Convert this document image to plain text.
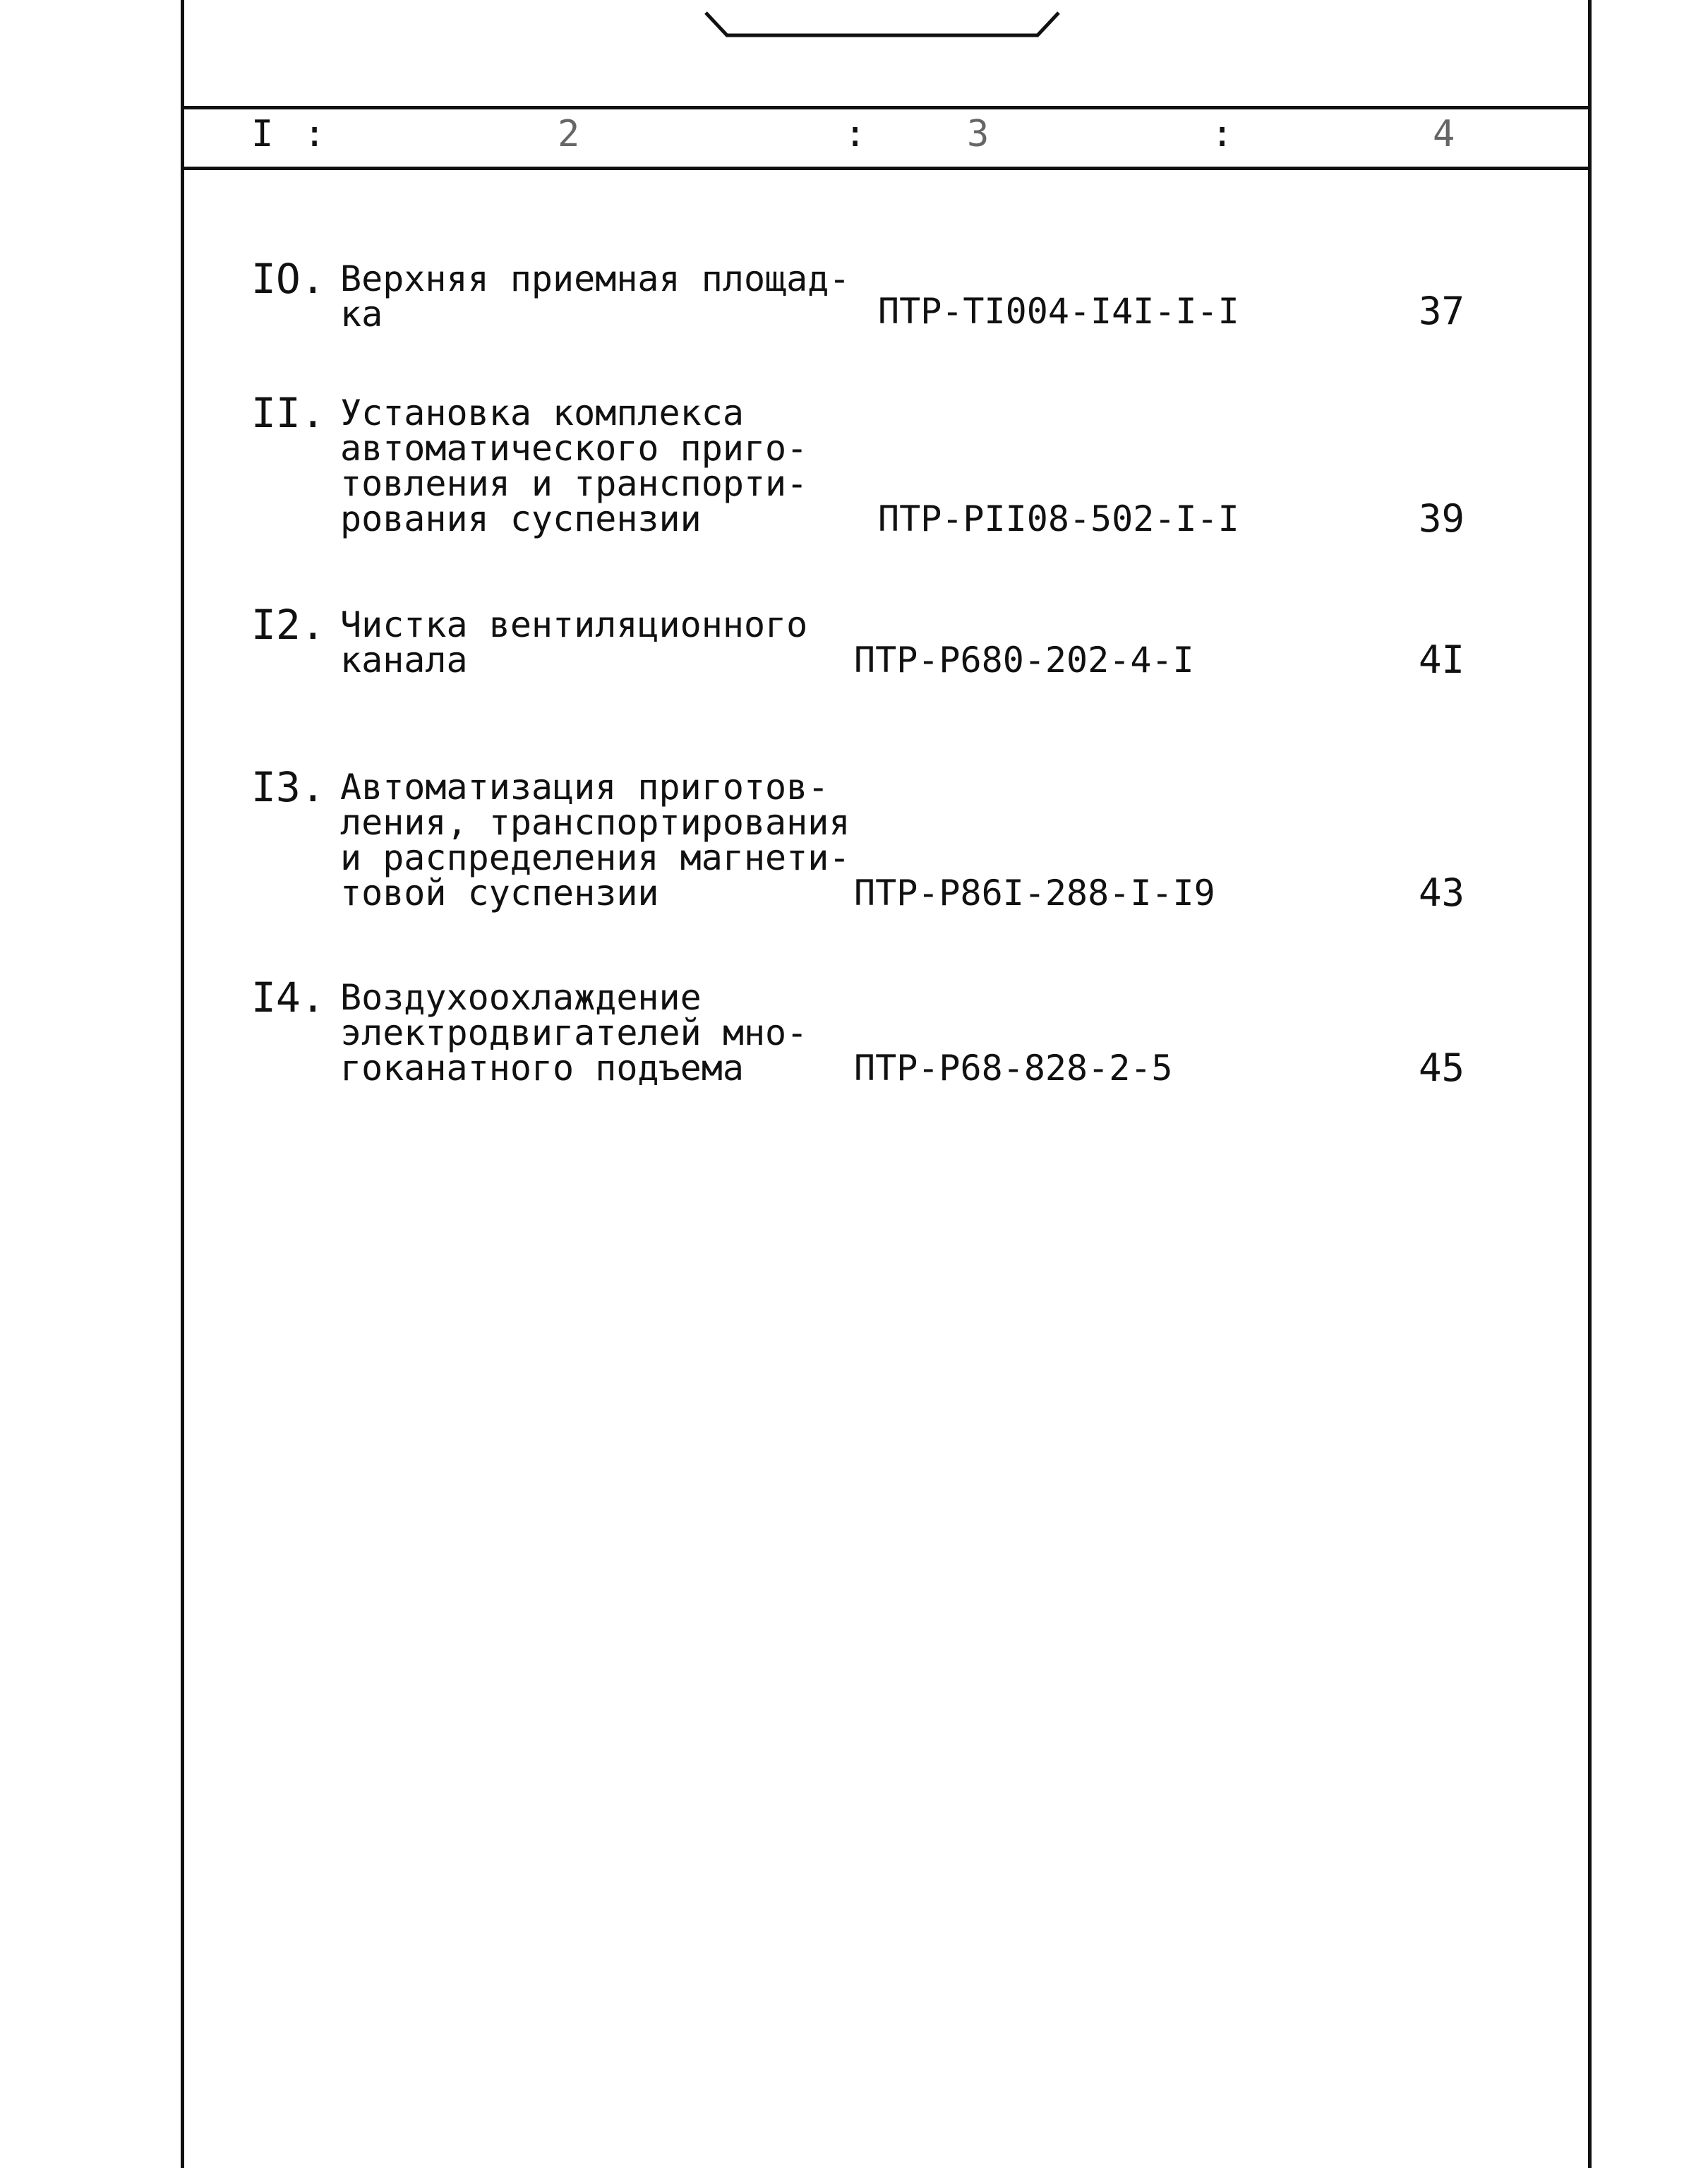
I :	2	:	3	:	4
IO. Верхняя приемная площад-
ка	ПТР-ТI004-I4I-I-I	37
II. Установка комплекса
автоматического приго-
товления и транспорти-
рования суспензии	ПТР-РII08-502-I-I	39
I2. Чистка вентиляционного
канала	ПТР-Р680-202-4-I	4I
I3. Автоматизация приготов-
ления, транспортирования
и распределения магнети-
товой суспензии	ПТР-Р86I-288-I-I9	43
I4. Воздухоохлаждение
электродвигателей мно-
гоканатного подъема	ПТР-Р68-828-2-5	45
